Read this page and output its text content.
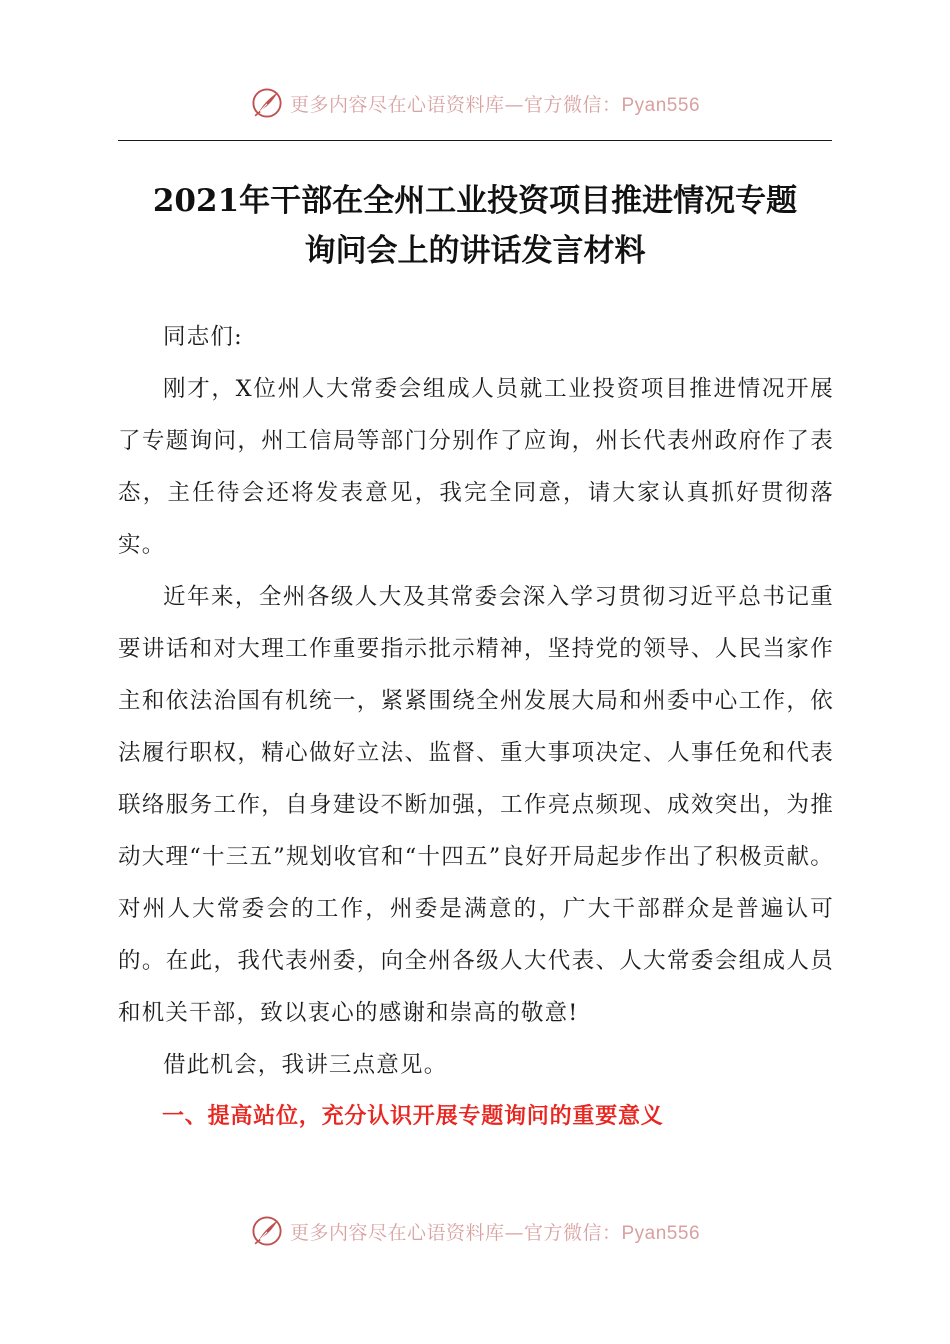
更多内容尽在心语资料库—官方微信：Pyan556
2021年干部在全州工业投资项目推进情况专题
询问会上的讲话发言材料

同志们:

刚才，X位州人大常委会组成人员就工业投资项目推进情况开展了专题询问，州工信局等部门分别作了应询，州长代表州政府作了表态，主任待会还将发表意见，我完全同意，请大家认真抓好贯彻落实。

近年来，全州各级人大及其常委会深入学习贯彻习近平总书记重要讲话和对大理工作重要指示批示精神，坚持党的领导、人民当家作主和依法治国有机统一，紧紧围绕全州发展大局和州委中心工作，依法履行职权，精心做好立法、监督、重大事项决定、人事任免和代表联络服务工作，自身建设不断加强，工作亮点频现、成效突出，为推动大理“十三五”规划收官和“十四五”良好开局起步作出了积极贡献。对州人大常委会的工作，州委是满意的，广大干部群众是普遍认可的。在此，我代表州委，向全州各级人大代表、人大常委会组成人员和机关干部，致以衷心的感谢和崇高的敬意!

借此机会，我讲三点意见。

一、提高站位，充分认识开展专题询问的重要意义

更多内容尽在心语资料库—官方微信：Pyan556
